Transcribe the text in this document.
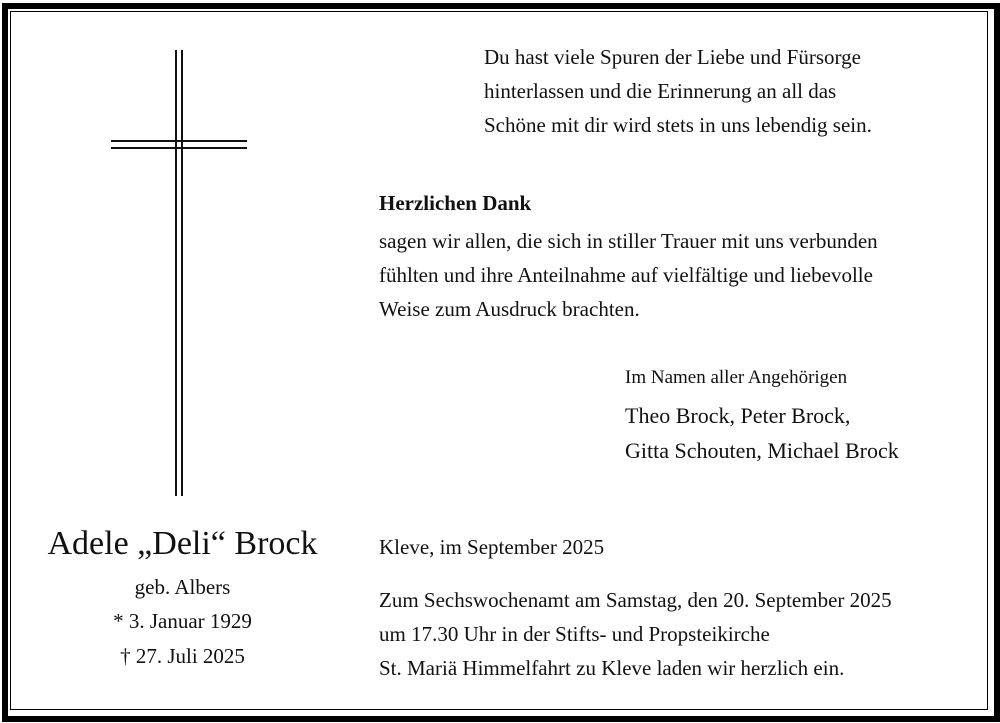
Du hast viele Spuren der Liebe und Fürsorge
hinterlassen und die Erinnerung an all das
Schöne mit dir wird stets in uns lebendig sein.
Herzlichen Dank
sagen wir allen, die sich in stiller Trauer mit uns verbunden
fühlten und ihre Anteilnahme auf vielfältige und liebevolle
Weise zum Ausdruck brachten.
Im Namen aller Angehörigen
Theo Brock, Peter Brock,
Gitta Schouten, Michael Brock
Adele „Deli“ Brock
geb. Albers
* 3. Januar 1929
† 27. Juli 2025
Kleve, im September 2025
Zum Sechswochenamt am Samstag, den 20. September 2025
um 17.30 Uhr in der Stifts- und Propsteikirche
St. Mariä Himmelfahrt zu Kleve laden wir herzlich ein.
